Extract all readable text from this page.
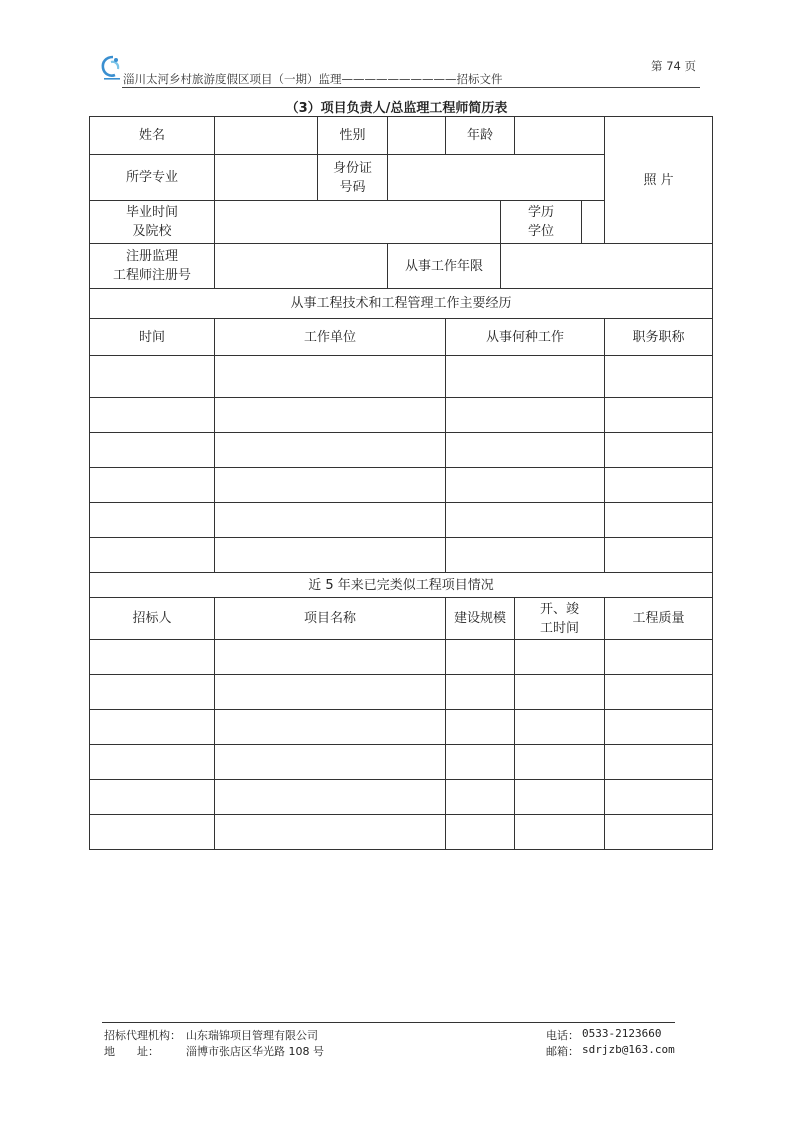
淄川太河乡村旅游度假区项目（一期）监理——————————招标文件
第 74 页
（3）项目负责人/总监理工程师简历表
姓名		性别		年龄				照 片
所学专业		身份证
号码						
毕业时间
及院校					学历
学位			
注册监理
工程师注册号			从事工作年限					
从事工程技术和工程管理工作主要经历								
时间	工作单位			从事何种工作				职务职称

近 5 年来已完类似工程项目情况								
招标人	项目名称			建设规模		开、竣
工时间		工程质量

招标代理机构： 山东瑞锦项目管理有限公司
地　　址： 淄博市张店区华光路 108 号
电话： 0533-2123660
邮箱： sdrjzb@163.com
